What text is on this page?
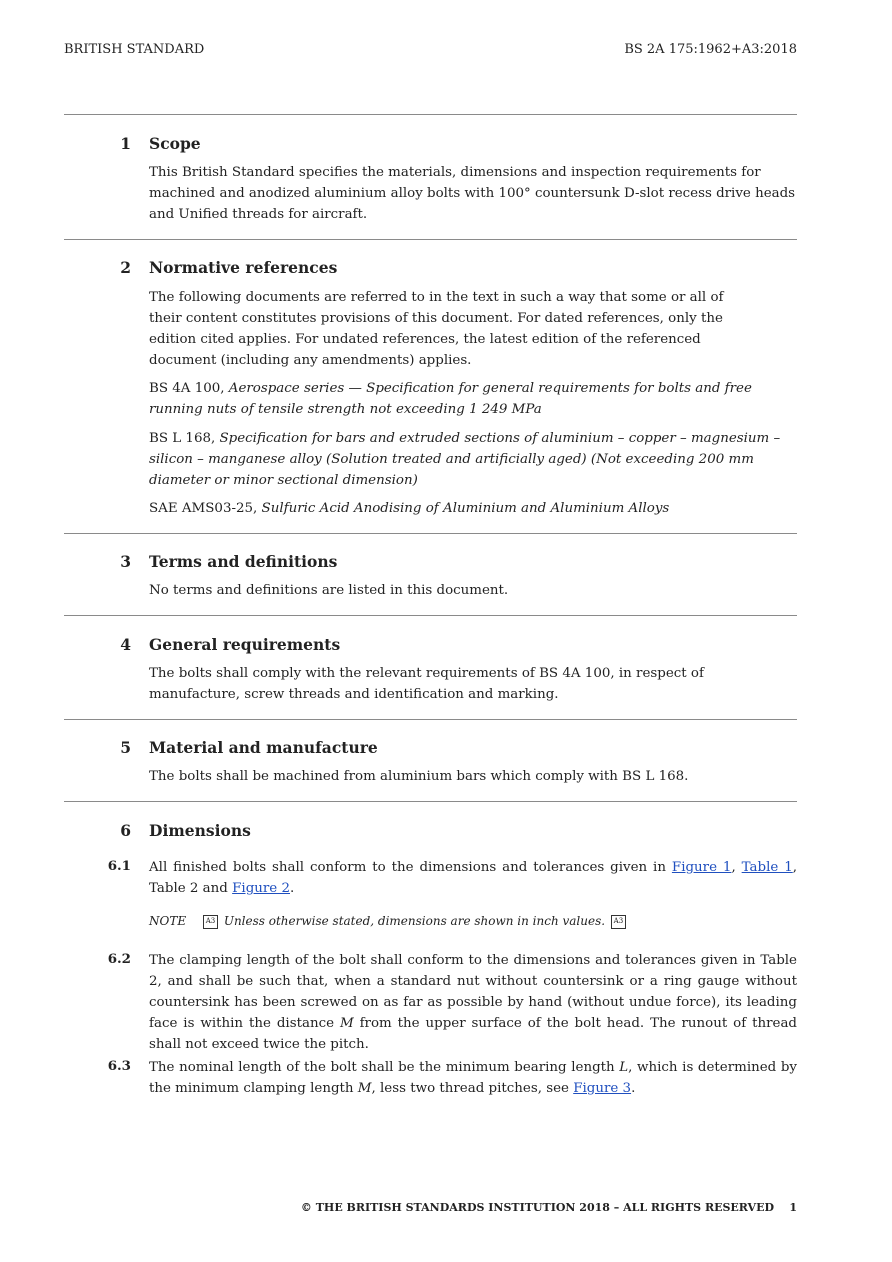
BRITISH STANDARD	BS 2A 175:1962+A3:2018
1 Scope
This British Standard specifies the materials, dimensions and inspection requirements for machined and anodized aluminium alloy bolts with 100° countersunk D-slot recess drive heads and Unified threads for aircraft.
2 Normative references
The following documents are referred to in the text in such a way that some or all of their content constitutes provisions of this document. For dated references, only the edition cited applies. For undated references, the latest edition of the referenced document (including any amendments) applies.
BS 4A 100, Aerospace series — Specification for general requirements for bolts and free running nuts of tensile strength not exceeding 1 249 MPa
BS L 168, Specification for bars and extruded sections of aluminium – copper – magnesium – silicon – manganese alloy (Solution treated and artificially aged) (Not exceeding 200 mm diameter or minor sectional dimension)
SAE AMS03-25, Sulfuric Acid Anodising of Aluminium and Aluminium Alloys
3 Terms and definitions
No terms and definitions are listed in this document.
4 General requirements
The bolts shall comply with the relevant requirements of BS 4A 100, in respect of manufacture, screw threads and identification and marking.
5 Material and manufacture
The bolts shall be machined from aluminium bars which comply with BS L 168.
6 Dimensions
6.1 All finished bolts shall conform to the dimensions and tolerances given in Figure 1, Table 1, Table 2 and Figure 2.
NOTE	A3 Unless otherwise stated, dimensions are shown in inch values. A3
6.2 The clamping length of the bolt shall conform to the dimensions and tolerances given in Table 2, and shall be such that, when a standard nut without countersink or a ring gauge without countersink has been screwed on as far as possible by hand (without undue force), its leading face is within the distance M from the upper surface of the bolt head. The runout of thread shall not exceed twice the pitch.
6.3 The nominal length of the bolt shall be the minimum bearing length L, which is determined by the minimum clamping length M, less two thread pitches, see Figure 3.
© THE BRITISH STANDARDS INSTITUTION 2018 – ALL RIGHTS RESERVED 1
